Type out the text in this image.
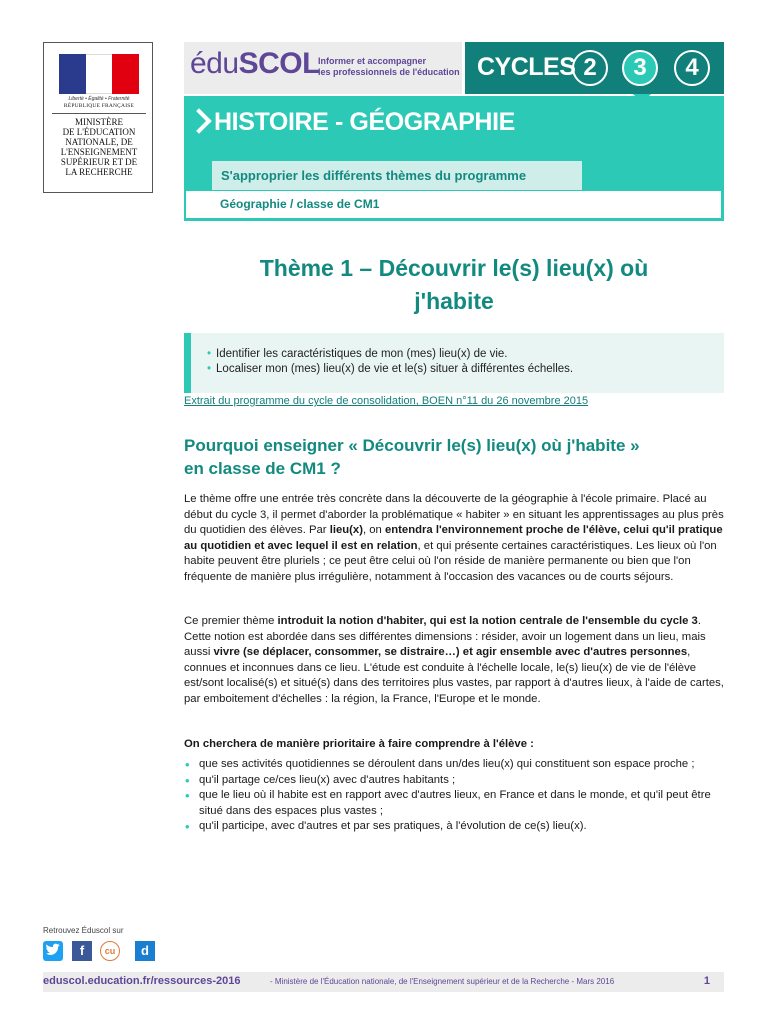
Liberté • Égalité • Fraternité
RÉPUBLIQUE FRANÇAISE
MINISTÈRE
DE L'ÉDUCATION
NATIONALE, DE
L'ENSEIGNEMENT
SUPÉRIEUR ET DE
LA RECHERCHE
éduSCOL
Informer et accompagner
les professionnels de l'éducation CYCLES 2	3	4
HISTOIRE - GÉOGRAPHIE
S'approprier les différents thèmes du programme
Géographie / classe de CM1
Thème 1 – Découvrir le(s) lieu(x) où
j'habite
• Identifier les caractéristiques de mon (mes) lieu(x) de vie.
• Localiser mon (mes) lieu(x) de vie et le(s) situer à différentes échelles.
Extrait du programme du cycle de consolidation, BOEN n°11 du 26 novembre 2015
Pourquoi enseigner « Découvrir le(s) lieu(x) où j'habite »
en classe de CM1 ?
Le thème offre une entrée très concrète dans la découverte de la géographie à l'école primaire. Placé au début du cycle 3, il permet d'aborder la problématique « habiter » en situant les apprentissages au plus près du quotidien des élèves. Par lieu(x), on entendra l'environnement proche de l'élève, celui qu'il pratique au quotidien et avec lequel il est en relation, et qui présente certaines caractéristiques. Les lieux où l'on habite peuvent être pluriels ; ce peut être celui où l'on réside de manière permanente ou bien que l'on fréquente de manière plus irrégulière, notamment à l'occasion des vacances ou de courts séjours.
Ce premier thème introduit la notion d'habiter, qui est la notion centrale de l'ensemble du cycle 3. Cette notion est abordée dans ses différentes dimensions : résider, avoir un logement dans un lieu, mais aussi vivre (se déplacer, consommer, se distraire…) et agir ensemble avec d'autres personnes, connues et inconnues dans ce lieu. L'étude est conduite à l'échelle locale, le(s) lieu(x) de vie de l'élève est/sont localisé(s) et situé(s) dans des territoires plus vastes, par rapport à d'autres lieux, à l'aide de cartes, par emboitement d'échelles : la région, la France, l'Europe et le monde.
On cherchera de manière prioritaire à faire comprendre à l'élève :
• que ses activités quotidiennes se déroulent dans un/des lieu(x) qui constituent son espace proche ;
• qu'il partage ce/ces lieu(x) avec d'autres habitants ;
• que le lieu où il habite est en rapport avec d'autres lieux, en France et dans le monde, et qu'il peut être situé dans des espaces plus vastes ;
• qu'il participe, avec d'autres et par ses pratiques, à l'évolution de ce(s) lieu(x).
Retrouvez Éduscol sur
f	cu	d
eduscol.education.fr/ressources-2016	- Ministère de l'Éducation nationale, de l'Enseignement supérieur et de la Recherche - Mars 2016	1
